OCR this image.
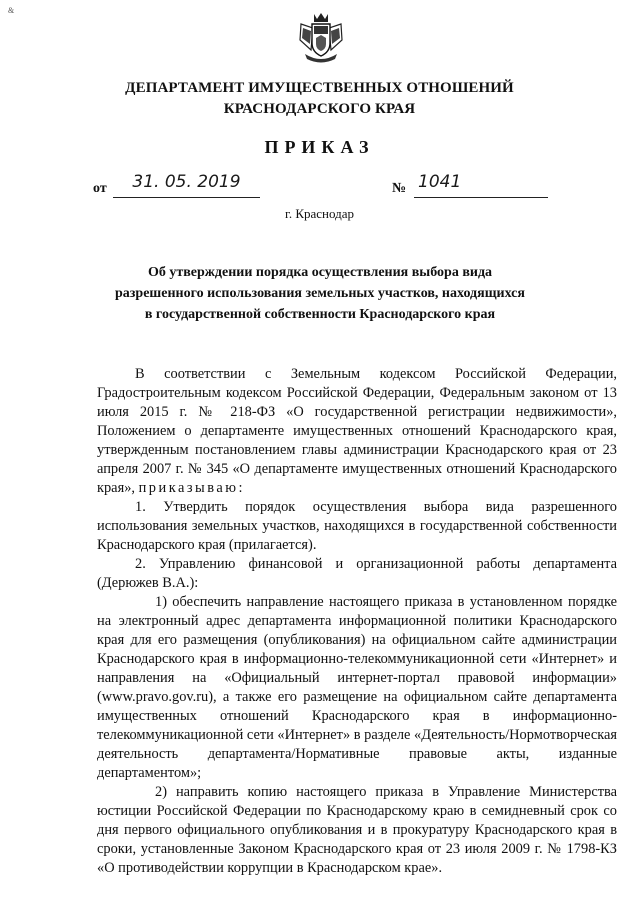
&
ДЕПАРТАМЕНТ ИМУЩЕСТВЕННЫХ ОТНОШЕНИЙ
КРАСНОДАРСКОГО КРАЯ
ПРИКАЗ
от	31. 05. 2019	№ 1041
г. Краснодар
Об утверждении порядка осуществления выбора вида разрешенного использования земельных участков, находящихся в государственной собственности Краснодарского края

В соответствии с Земельным кодексом Российской Федерации, Градостроительным кодексом Российской Федерации, Федеральным законом от 13 июля 2015 г. № 218-ФЗ «О государственной регистрации недвижимости», Положением о департаменте имущественных отношений Краснодарского края, утвержденным постановлением главы администрации Краснодарского края от 23 апреля 2007 г. № 345 «О департаменте имущественных отношений Краснодарского края», приказываю:

1. Утвердить порядок осуществления выбора вида разрешенного использования земельных участков, находящихся в государственной собственности Краснодарского края (прилагается).

2. Управлению финансовой и организационной работы департамента (Дерюжев В.А.):

1) обеспечить направление настоящего приказа в установленном порядке на электронный адрес департамента информационной политики Краснодарского края для его размещения (опубликования) на официальном сайте администрации Краснодарского края в информационно-телекоммуникационной сети «Интернет» и направления на «Официальный интернет-портал правовой информации» (www.pravo.gov.ru), а также его размещение на официальном сайте департамента имущественных отношений Краснодарского края в информационно-телекоммуникационной сети «Интернет» в разделе «Деятельность/Нормотворческая деятельность департамента/Нормативные правовые акты, изданные департаментом»;

2) направить копию настоящего приказа в Управление Министерства юстиции Российской Федерации по Краснодарскому краю в семидневный срок со дня первого официального опубликования и в прокуратуру Краснодарского края в сроки, установленные Законом Краснодарского края от 23 июля 2009 г. № 1798-КЗ «О противодействии коррупции в Краснодарском крае».
